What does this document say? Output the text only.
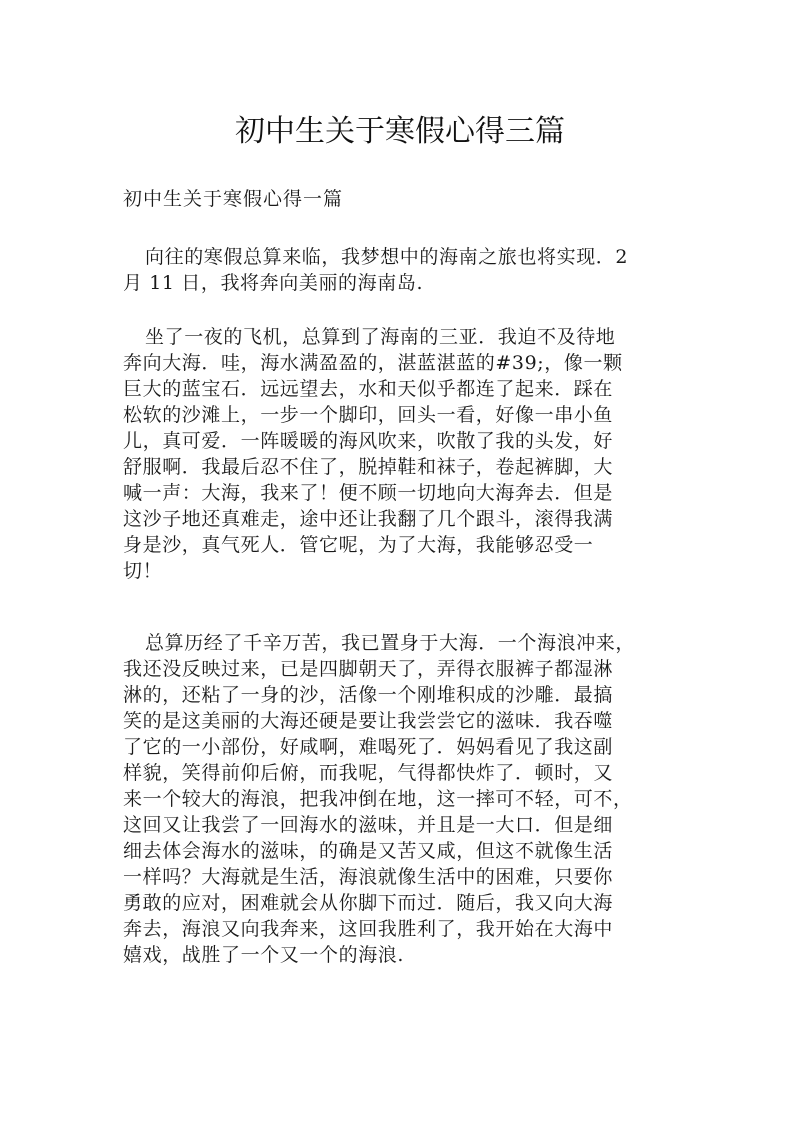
初中生关于寒假心得三篇

初中生关于寒假心得一篇

向往的寒假总算来临，我梦想中的海南之旅也将实现．2
月 11 日，我将奔向美丽的海南岛.
坐了一夜的飞机，总算到了海南的三亚．我迫不及待地
奔向大海．哇，海水满盈盈的，湛蓝湛蓝的#39;，像一颗
巨大的蓝宝石．远远望去，水和天似乎都连了起来．踩在
松软的沙滩上，一步一个脚印，回头一看，好像一串小鱼
儿，真可爱．一阵暖暖的海风吹来，吹散了我的头发，好
舒服啊．我最后忍不住了，脱掉鞋和袜子，卷起裤脚，大
喊一声：大海，我来了！便不顾一切地向大海奔去．但是
这沙子地还真难走，途中还让我翻了几个跟斗，滚得我满
身是沙，真气死人．管它呢，为了大海，我能够忍受一
切！
总算历经了千辛万苦，我已置身于大海．一个海浪冲来，
我还没反映过来，已是四脚朝天了，弄得衣服裤子都湿淋
淋的，还粘了一身的沙，活像一个刚堆积成的沙雕．最搞
笑的是这美丽的大海还硬是要让我尝尝它的滋味．我吞噬
了它的一小部份，好咸啊，难喝死了．妈妈看见了我这副
样貌，笑得前仰后俯，而我呢，气得都快炸了．顿时，又
来一个较大的海浪，把我冲倒在地，这一摔可不轻，可不，
这回又让我尝了一回海水的滋味，并且是一大口．但是细
细去体会海水的滋味，的确是又苦又咸，但这不就像生活
一样吗？大海就是生活，海浪就像生活中的困难，只要你
勇敢的应对，困难就会从你脚下而过．随后，我又向大海
奔去，海浪又向我奔来，这回我胜利了，我开始在大海中
嬉戏，战胜了一个又一个的海浪.
